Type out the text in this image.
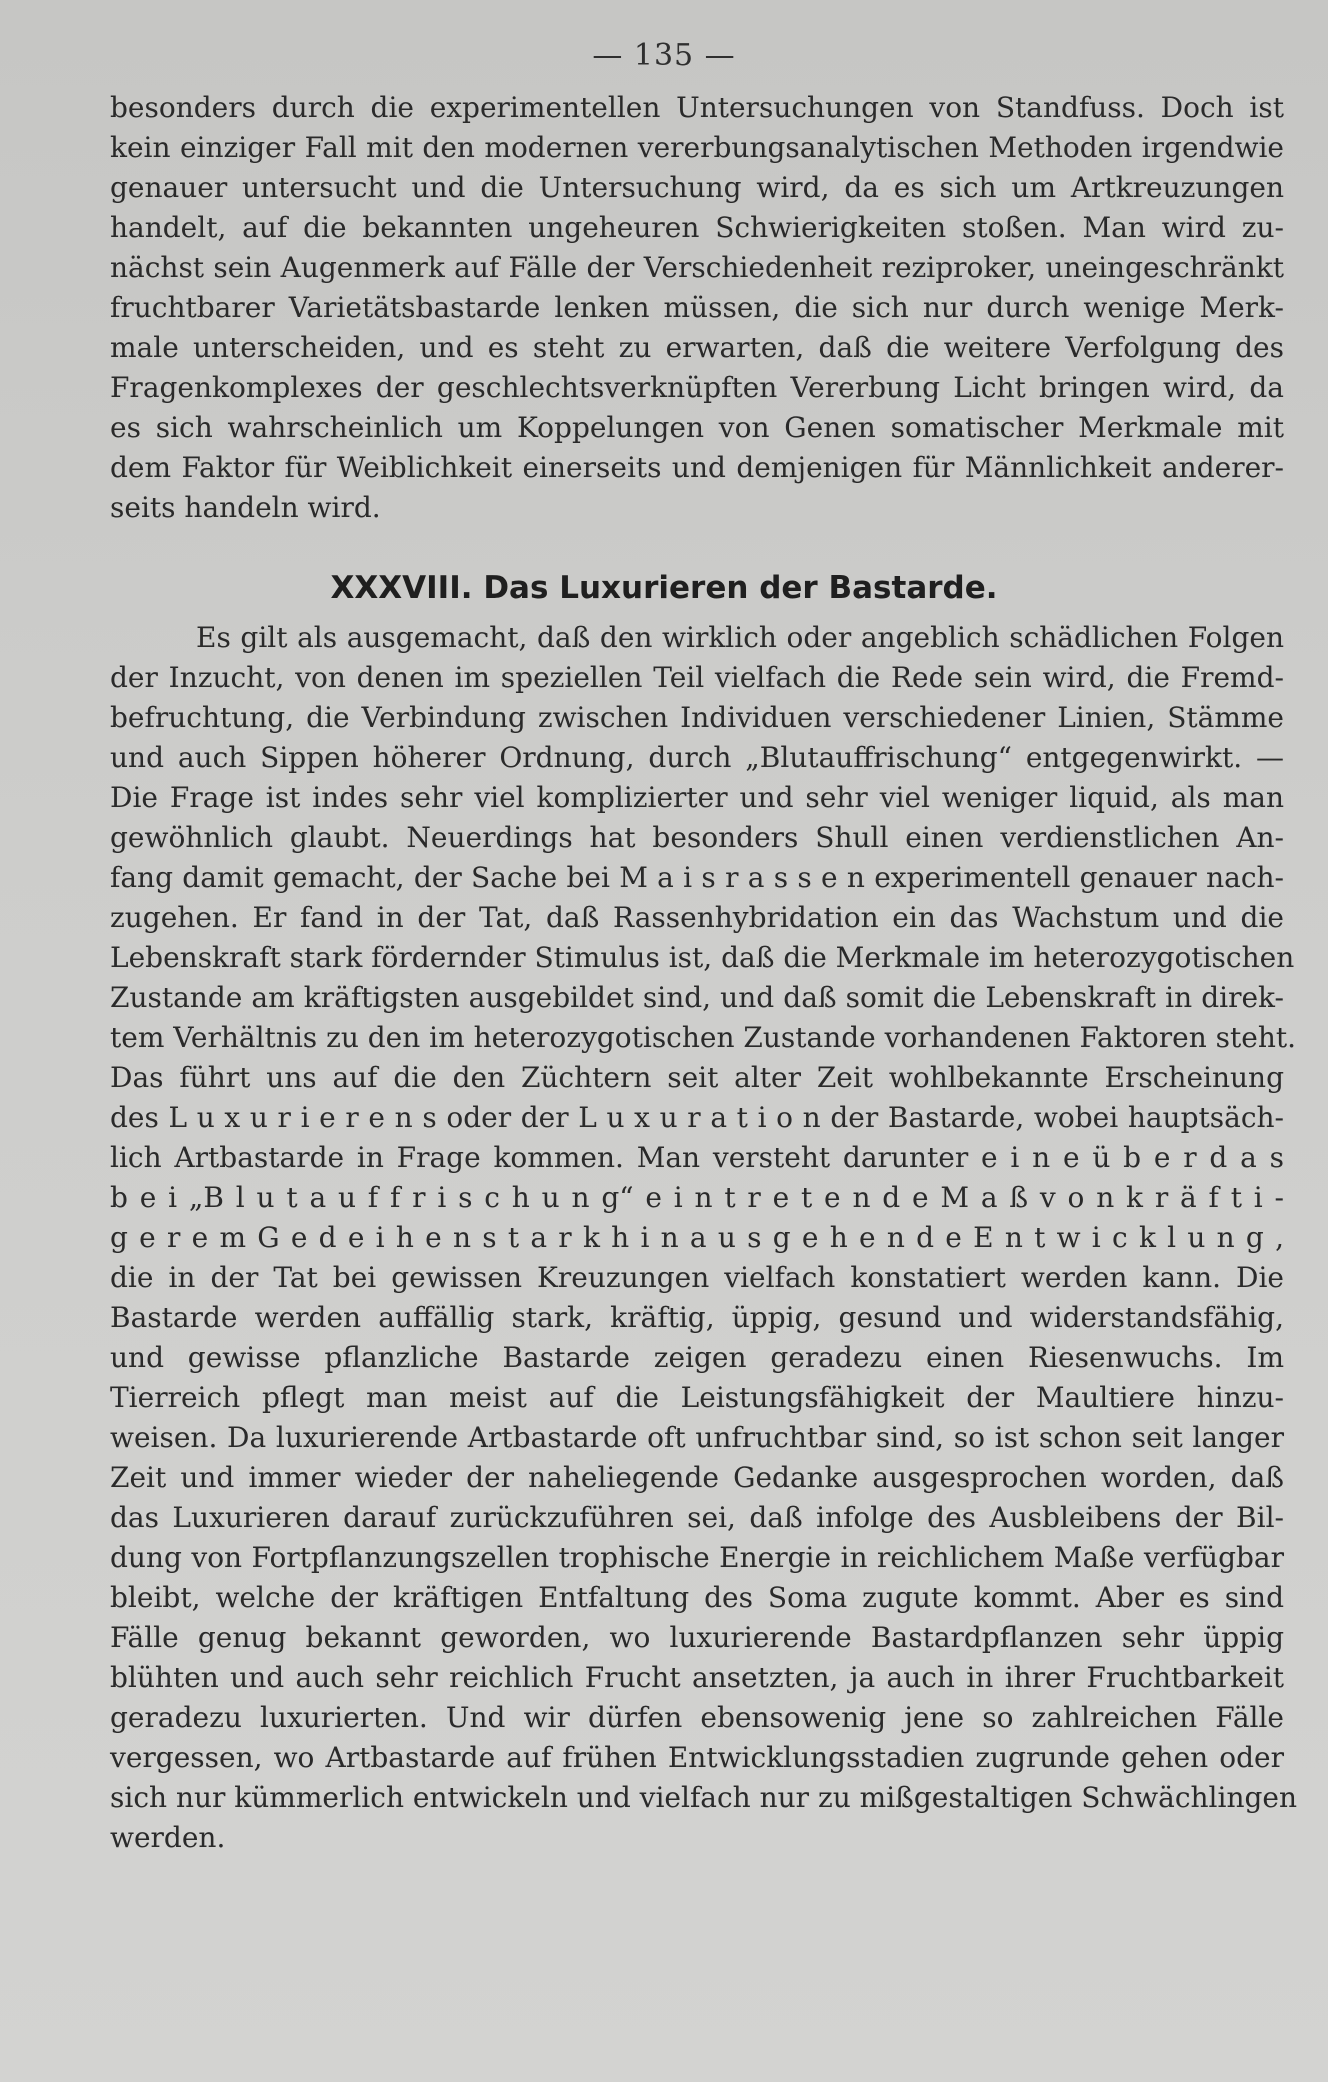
— 135 —
besonders durch die experimentellen Untersuchungen von Standfuss. Doch ist
kein einziger Fall mit den modernen vererbungsanalytischen Methoden irgendwie
genauer untersucht und die Untersuchung wird, da es sich um Artkreuzungen
handelt, auf die bekannten ungeheuren Schwierigkeiten stoßen. Man wird zu-
nächst sein Augenmerk auf Fälle der Verschiedenheit reziproker, uneingeschränkt
fruchtbarer Varietätsbastarde lenken müssen, die sich nur durch wenige Merk-
male unterscheiden, und es steht zu erwarten, daß die weitere Verfolgung des
Fragenkomplexes der geschlechtsverknüpften Vererbung Licht bringen wird, da
es sich wahrscheinlich um Koppelungen von Genen somatischer Merkmale mit
dem Faktor für Weiblichkeit einerseits und demjenigen für Männlichkeit anderer-
seits handeln wird.
XXXVIII. Das Luxurieren der Bastarde.
Es gilt als ausgemacht, daß den wirklich oder angeblich schädlichen Folgen
der Inzucht, von denen im speziellen Teil vielfach die Rede sein wird, die Fremd-
befruchtung, die Verbindung zwischen Individuen verschiedener Linien, Stämme
und auch Sippen höherer Ordnung, durch „Blutauffrischung“ entgegenwirkt. —
Die Frage ist indes sehr viel komplizierter und sehr viel weniger liquid, als man
gewöhnlich glaubt. Neuerdings hat besonders Shull einen verdienstlichen An-
fang damit gemacht, der Sache bei M a i s r a s s e n experimentell genauer nach-
zugehen. Er fand in der Tat, daß Rassenhybridation ein das Wachstum und die
Lebenskraft stark fördernder Stimulus ist, daß die Merkmale im heterozygotischen
Zustande am kräftigsten ausgebildet sind, und daß somit die Lebenskraft in direk-
tem Verhältnis zu den im heterozygotischen Zustande vorhandenen Faktoren steht.
Das führt uns auf die den Züchtern seit alter Zeit wohlbekannte Erscheinung
des L u x u r i e r e n s oder der L u x u r a t i o n der Bastarde, wobei hauptsäch-
lich Artbastarde in Frage kommen. Man versteht darunter e i n e ü b e r d a s
b e i „B l u t a u f f r i s c h u n g“ e i n t r e t e n d e M a ß v o n k r ä f t i -
g e r e m G e d e i h e n s t a r k h i n a u s g e h e n d e E n t w i c k l u n g ,
die in der Tat bei gewissen Kreuzungen vielfach konstatiert werden kann. Die
Bastarde werden auffällig stark, kräftig, üppig, gesund und widerstandsfähig,
und gewisse pflanzliche Bastarde zeigen geradezu einen Riesenwuchs. Im
Tierreich pflegt man meist auf die Leistungsfähigkeit der Maultiere hinzu-
weisen. Da luxurierende Artbastarde oft unfruchtbar sind, so ist schon seit langer
Zeit und immer wieder der naheliegende Gedanke ausgesprochen worden, daß
das Luxurieren darauf zurückzuführen sei, daß infolge des Ausbleibens der Bil-
dung von Fortpflanzungszellen trophische Energie in reichlichem Maße verfügbar
bleibt, welche der kräftigen Entfaltung des Soma zugute kommt. Aber es sind
Fälle genug bekannt geworden, wo luxurierende Bastardpflanzen sehr üppig
blühten und auch sehr reichlich Frucht ansetzten, ja auch in ihrer Fruchtbarkeit
geradezu luxurierten. Und wir dürfen ebensowenig jene so zahlreichen Fälle
vergessen, wo Artbastarde auf frühen Entwicklungsstadien zugrunde gehen oder
sich nur kümmerlich entwickeln und vielfach nur zu mißgestaltigen Schwächlingen
werden.
